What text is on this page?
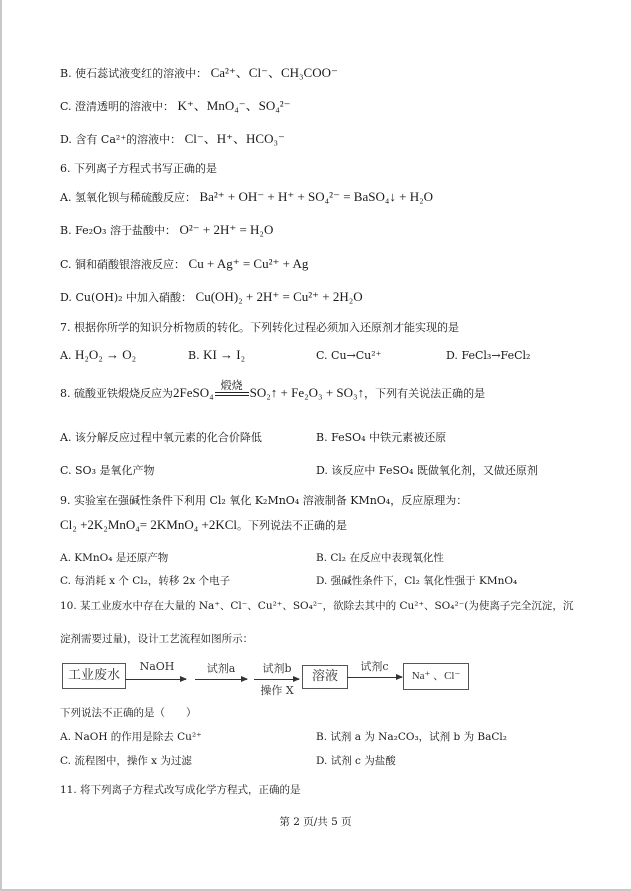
B. 使石蕊试液变红的溶液中： Ca²⁺、Cl⁻、CH₃COO⁻
C. 澄清透明的溶液中： K⁺、MnO₄⁻、SO₄²⁻
D. 含有 Ca²⁺的溶液中： Cl⁻、H⁺、HCO₃⁻
6. 下列离子方程式书写正确的是
A. 氢氧化钡与稀硫酸反应： Ba²⁺ + OH⁻ + H⁺ + SO₄²⁻ = BaSO₄↓ + H₂O
B. Fe₂O₃ 溶于盐酸中： O²⁻ + 2H⁺ = H₂O
C. 铜和硝酸银溶液反应： Cu + Ag⁺ = Cu²⁺ + Ag
D. Cu(OH)₂ 中加入硝酸： Cu(OH)₂ + 2H⁺ = Cu²⁺ + 2H₂O
7. 根据你所学的知识分析物质的转化。下列转化过程必须加入还原剂才能实现的是
A. H₂O₂ → O₂	B. KI → I₂	C. Cu→Cu²⁺	D. FeCl₃→FeCl₂
8. 硫酸亚铁煅烧反应为2FeSO₄ 煅烧 SO₂↑ + Fe₂O₃ + SO₃↑，下列有关说法正确的是
A. 该分解反应过程中氧元素的化合价降低	B. FeSO₄ 中铁元素被还原
C. SO₃ 是氧化产物	D. 该反应中 FeSO₄ 既做氧化剂，又做还原剂
9. 实验室在强碱性条件下利用 Cl₂ 氧化 K₂MnO₄ 溶液制备 KMnO₄，反应原理为：
Cl₂ +2K₂MnO₄= 2KMnO₄ +2KCl。下列说法不正确的是
A. KMnO₄ 是还原产物	B. Cl₂ 在反应中表现氧化性
C. 每消耗 x 个 Cl₂，转移 2x 个电子	D. 强碱性条件下，Cl₂ 氧化性强于 KMnO₄
10. 某工业废水中存在大量的 Na⁺、Cl⁻、Cu²⁺、SO₄²⁻，欲除去其中的 Cu²⁺、SO₄²⁻(为使离子完全沉淀，沉
淀剂需要过量)，设计工艺流程如图所示：
工业废水
NaOH	试剂a	试剂b
操作 X
溶液
试剂c
Na⁺ 、Cl⁻
下列说法不正确的是（　　）
A. NaOH 的作用是除去 Cu²⁺	B. 试剂 a 为 Na₂CO₃，试剂 b 为 BaCl₂
C. 流程图中，操作 x 为过滤	D. 试剂 c 为盐酸
11. 将下列离子方程式改写成化学方程式，正确的是
第 2 页/共 5 页
